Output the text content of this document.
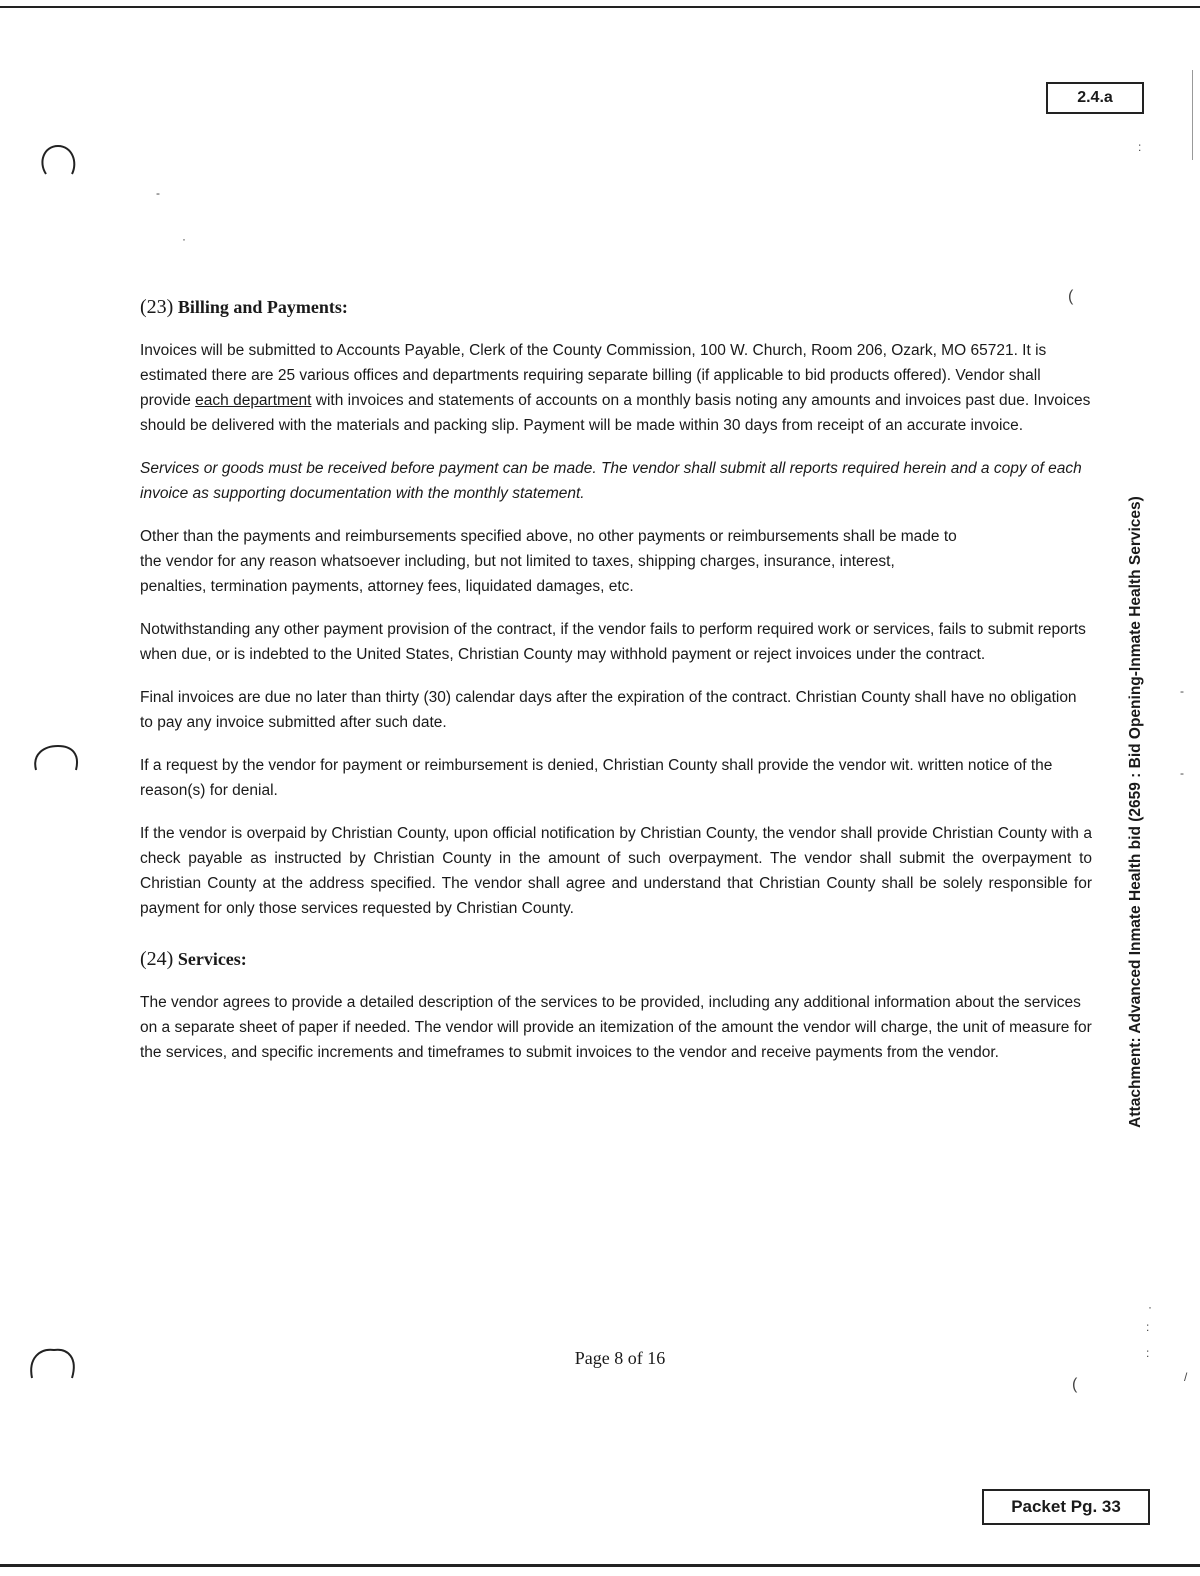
-
·
(
:
-
-
(
·
:
:
/
2.4.a
Attachment: Advanced Inmate Health bid (2659 : Bid Opening-Inmate Health Services)
(23) Billing and Payments:
Invoices will be submitted to Accounts Payable, Clerk of the County Commission, 100 W. Church, Room 206, Ozark, MO 65721. It is estimated there are 25 various offices and departments requiring separate billing (if applicable to bid products offered). Vendor shall provide each department with invoices and statements of accounts on a monthly basis noting any amounts and invoices past due. Invoices should be delivered with the materials and packing slip. Payment will be made within 30 days from receipt of an accurate invoice.
Services or goods must be received before payment can be made. The vendor shall submit all reports required herein and a copy of each invoice as supporting documentation with the monthly statement.
Other than the payments and reimbursements specified above, no other payments or reimbursements shall be made to the vendor for any reason whatsoever including, but not limited to taxes, shipping charges, insurance, interest, penalties, termination payments, attorney fees, liquidated damages, etc.
Notwithstanding any other payment provision of the contract, if the vendor fails to perform required work or services, fails to submit reports when due, or is indebted to the United States, Christian County may withhold payment or reject invoices under the contract.
Final invoices are due no later than thirty (30) calendar days after the expiration of the contract. Christian County shall have no obligation to pay any invoice submitted after such date.
If a request by the vendor for payment or reimbursement is denied, Christian County shall provide the vendor wit. written notice of the reason(s) for denial.
If the vendor is overpaid by Christian County, upon official notification by Christian County, the vendor shall provide Christian County with a check payable as instructed by Christian County in the amount of such overpayment. The vendor shall submit the overpayment to Christian County at the address specified. The vendor shall agree and understand that Christian County shall be solely responsible for payment for only those services requested by Christian County.
(24) Services:
The vendor agrees to provide a detailed description of the services to be provided, including any additional information about the services on a separate sheet of paper if needed. The vendor will provide an itemization of the amount the vendor will charge, the unit of measure for the services, and specific increments and timeframes to submit invoices to the vendor and receive payments from the vendor.
Page 8 of 16
Packet Pg. 33
